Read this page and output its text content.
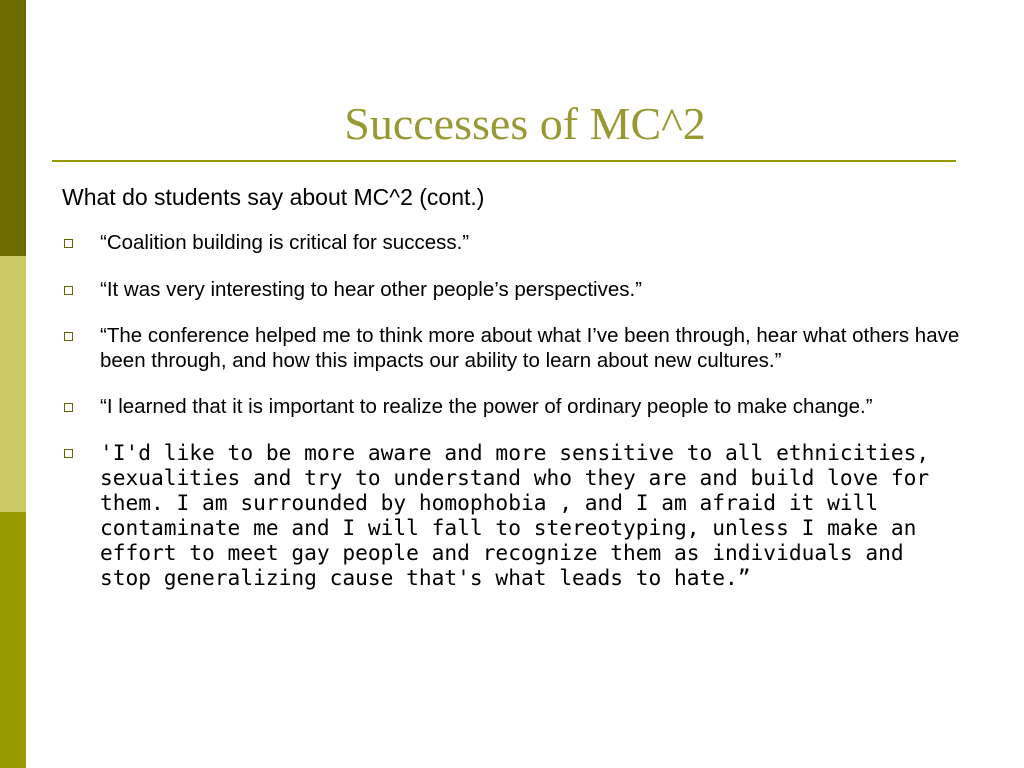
Successes of MC^2

What do students say about MC^2 (cont.)

“Coalition building is critical for success.”
“It was very interesting to hear other people’s perspectives.”
“The conference helped me to think more about what I’ve been through, hear what others have been through, and how this impacts our ability to learn about new cultures.”
“I learned that it is important to realize the power of ordinary people to make change.”
'I'd like to be more aware and more sensitive to all ethnicities,
sexualities and try to understand who they are and build love for
them. I am surrounded by homophobia , and I am afraid it will
contaminate me and I will fall to stereotyping, unless I make an
effort to meet gay people and recognize them as individuals and
stop generalizing cause that's what leads to hate.”
